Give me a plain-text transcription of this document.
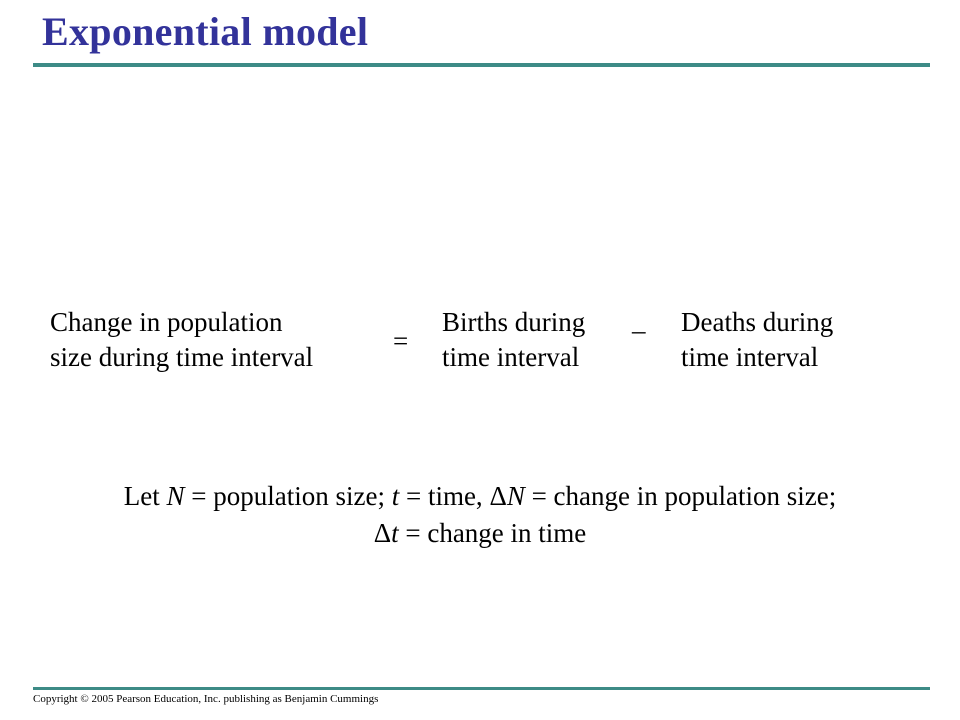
Exponential model
Change in population
size during time interval
=
Births during
time interval
_ Deaths during
time interval
Let N = population size; t = time, ΔN = change in population size;
Δt = change in time
Copyright © 2005 Pearson Education, Inc. publishing as Benjamin Cummings
